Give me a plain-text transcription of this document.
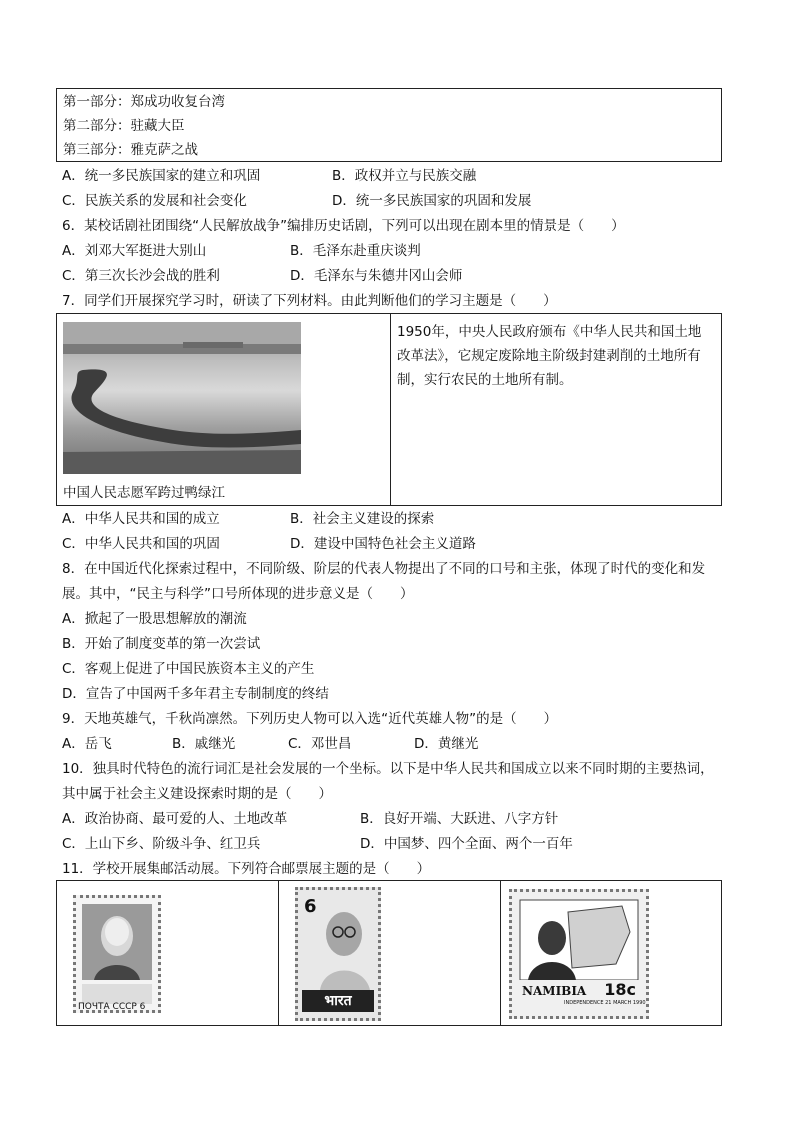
第一部分：郑成功收复台湾
第二部分：驻藏大臣
第三部分：雅克萨之战
A．统一多民族国家的建立和巩固	B．政权并立与民族交融
C．民族关系的发展和社会变化	D．统一多民族国家的巩固和发展
6．某校话剧社团围绕“人民解放战争”编排历史话剧，下列可以出现在剧本里的情景是（　　）
A．刘邓大军挺进大别山	B．毛泽东赴重庆谈判
C．第三次长沙会战的胜利	D．毛泽东与朱德井冈山会师
7．同学们开展探究学习时，研读了下列材料。由此判断他们的学习主题是（　　）
中国人民志愿军跨过鸭绿江
1950年，中央人民政府颁布《中华人民共和国土地
改革法》，它规定废除地主阶级封建剥削的土地所有
制，实行农民的土地所有制。
A．中华人民共和国的成立	B．社会主义建设的探索
C．中华人民共和国的巩固	D．建设中国特色社会主义道路
8．在中国近代化探索过程中，不同阶级、阶层的代表人物提出了不同的口号和主张，体现了时代的变化和发
展。其中，“民主与科学”口号所体现的进步意义是（　　）
A．掀起了一股思想解放的潮流
B．开始了制度变革的第一次尝试
C．客观上促进了中国民族资本主义的产生
D．宣告了中国两千多年君主专制制度的终结
9．天地英雄气，千秋尚凛然。下列历史人物可以入选“近代英雄人物”的是（　　）
A．岳飞	B．戚继光	C．邓世昌	D．黄继光
10．独具时代特色的流行词汇是社会发展的一个坐标。以下是中华人民共和国成立以来不同时期的主要热词，
其中属于社会主义建设探索时期的是（　　）
A．政治协商、最可爱的人、土地改革	B．良好开端、大跃进、八字方针
C．上山下乡、阶级斗争、红卫兵	D．中国梦、四个全面、两个一百年
11．学校开展集邮活动展。下列符合邮票展主题的是（　　）
ПОЧТА СССР 6
6
भारत
NAMIBIA 18c
INDEPENDENCE 21 MARCH 1990
